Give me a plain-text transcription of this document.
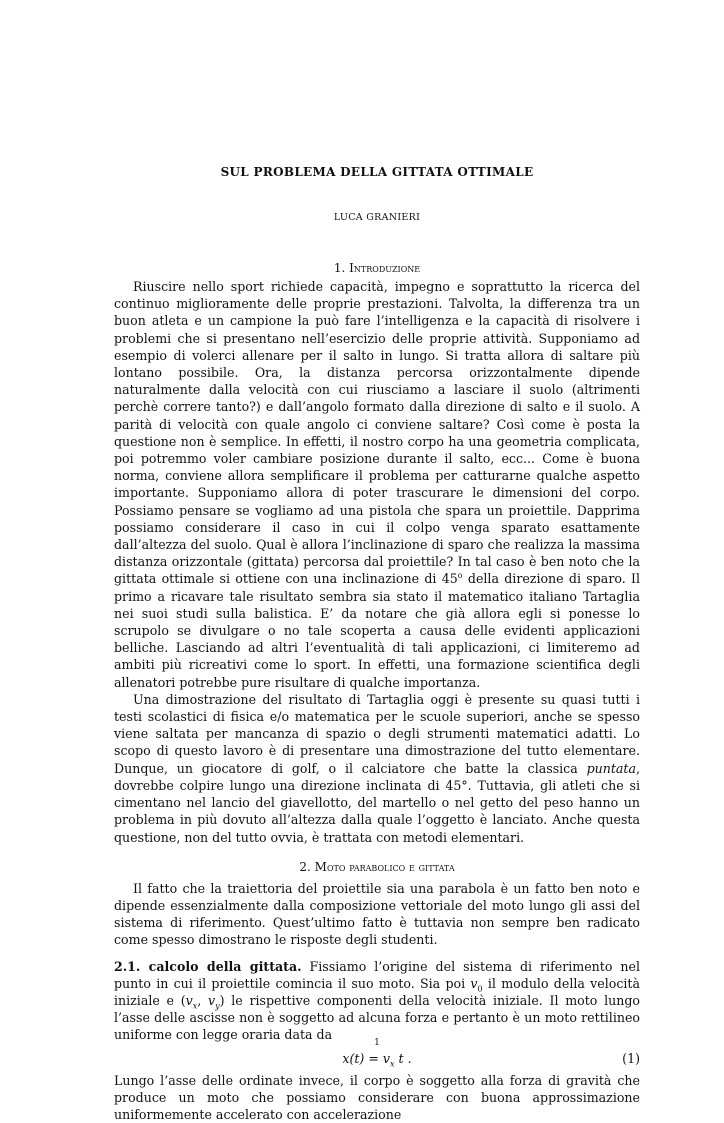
SUL PROBLEMA DELLA GITTATA OTTIMALE
LUCA GRANIERI
1. Introduzione

Riuscire nello sport richiede capacità, impegno e soprattutto la ricerca del continuo miglioramente delle proprie prestazioni. Talvolta, la differenza tra un buon atleta e un campione la può fare l’intelligenza e la capacità di risolvere i problemi che si presentano nell’esercizio delle proprie attività. Supponiamo ad esempio di volerci allenare per il salto in lungo. Si tratta allora di saltare più lontano possibile. Ora, la distanza percorsa orizzontalmente dipende naturalmente dalla velocità con cui riusciamo a lasciare il suolo (altrimenti perchè correre tanto?) e dall’angolo formato dalla direzione di salto e il suolo. A parità di velocità con quale angolo ci conviene saltare? Così come è posta la questione non è semplice. In effetti, il nostro corpo ha una geometria complicata, poi potremmo voler cambiare posizione durante il salto, ecc... Come è buona norma, conviene allora semplificare il problema per catturarne qualche aspetto importante. Supponiamo allora di poter trascurare le dimensioni del corpo. Possiamo pensare se vogliamo ad una pistola che spara un proiettile. Dapprima possiamo considerare il caso in cui il colpo venga sparato esattamente dall’altezza del suolo. Qual è allora l’inclinazione di sparo che realizza la massima distanza orizzontale (gittata) percorsa dal proiettile? In tal caso è ben noto che la gittata ottimale si ottiene con una inclinazione di 45$^o$ della direzione di sparo. Il primo a ricavare tale risultato sembra sia stato il matematico italiano Tartaglia nei suoi studi sulla balistica. E’ da notare che già allora egli si ponesse lo scrupolo se divulgare o no tale scoperta a causa delle evidenti applicazioni belliche. Lasciando ad altri l’eventualità di tali applicazioni, ci limiteremo ad ambiti più ricreativi come lo sport. In effetti, una formazione scientifica degli allenatori potrebbe pure risultare di qualche importanza.

Una dimostrazione del risultato di Tartaglia oggi è presente su quasi tutti i testi scolastici di fisica e/o matematica per le scuole superiori, anche se spesso viene saltata per mancanza di spazio o degli strumenti matematici adatti. Lo scopo di questo lavoro è di presentare una dimostrazione del tutto elementare. Dunque, un giocatore di golf, o il calciatore che batte la classica puntata, dovrebbe colpire lungo una direzione inclinata di 45°. Tuttavia, gli atleti che si cimentano nel lancio del giavellotto, del martello o nel getto del peso hanno un problema in più dovuto all’altezza dalla quale l’oggetto è lanciato. Anche questa questione, non del tutto ovvia, è trattata con metodi elementari.

2. Moto parabolico e gittata

Il fatto che la traiettoria del proiettile sia una parabola è un fatto ben noto e dipende essenzialmente dalla composizione vettoriale del moto lungo gli assi del sistema di riferimento. Quest’ultimo fatto è tuttavia non sempre ben radicato come spesso dimostrano le risposte degli studenti.

2.1. calcolo della gittata. Fissiamo l’origine del sistema di riferimento nel punto in cui il proiettile comincia il suo moto. Sia poi $v_0$ il modulo della velocità iniziale e ($v_x$, $v_y$) le rispettive componenti della velocità iniziale. Il moto lungo l’asse delle ascisse non è soggetto ad alcuna forza e pertanto è un moto rettilineo uniforme con legge oraria data da

$x(t) = v_x$ t .	(1)

Lungo l’asse delle ordinate invece, il corpo è soggetto alla forza di gravità che produce un moto che possiamo considerare con buona approssimazione uniformemente accelerato con accelerazione

1
